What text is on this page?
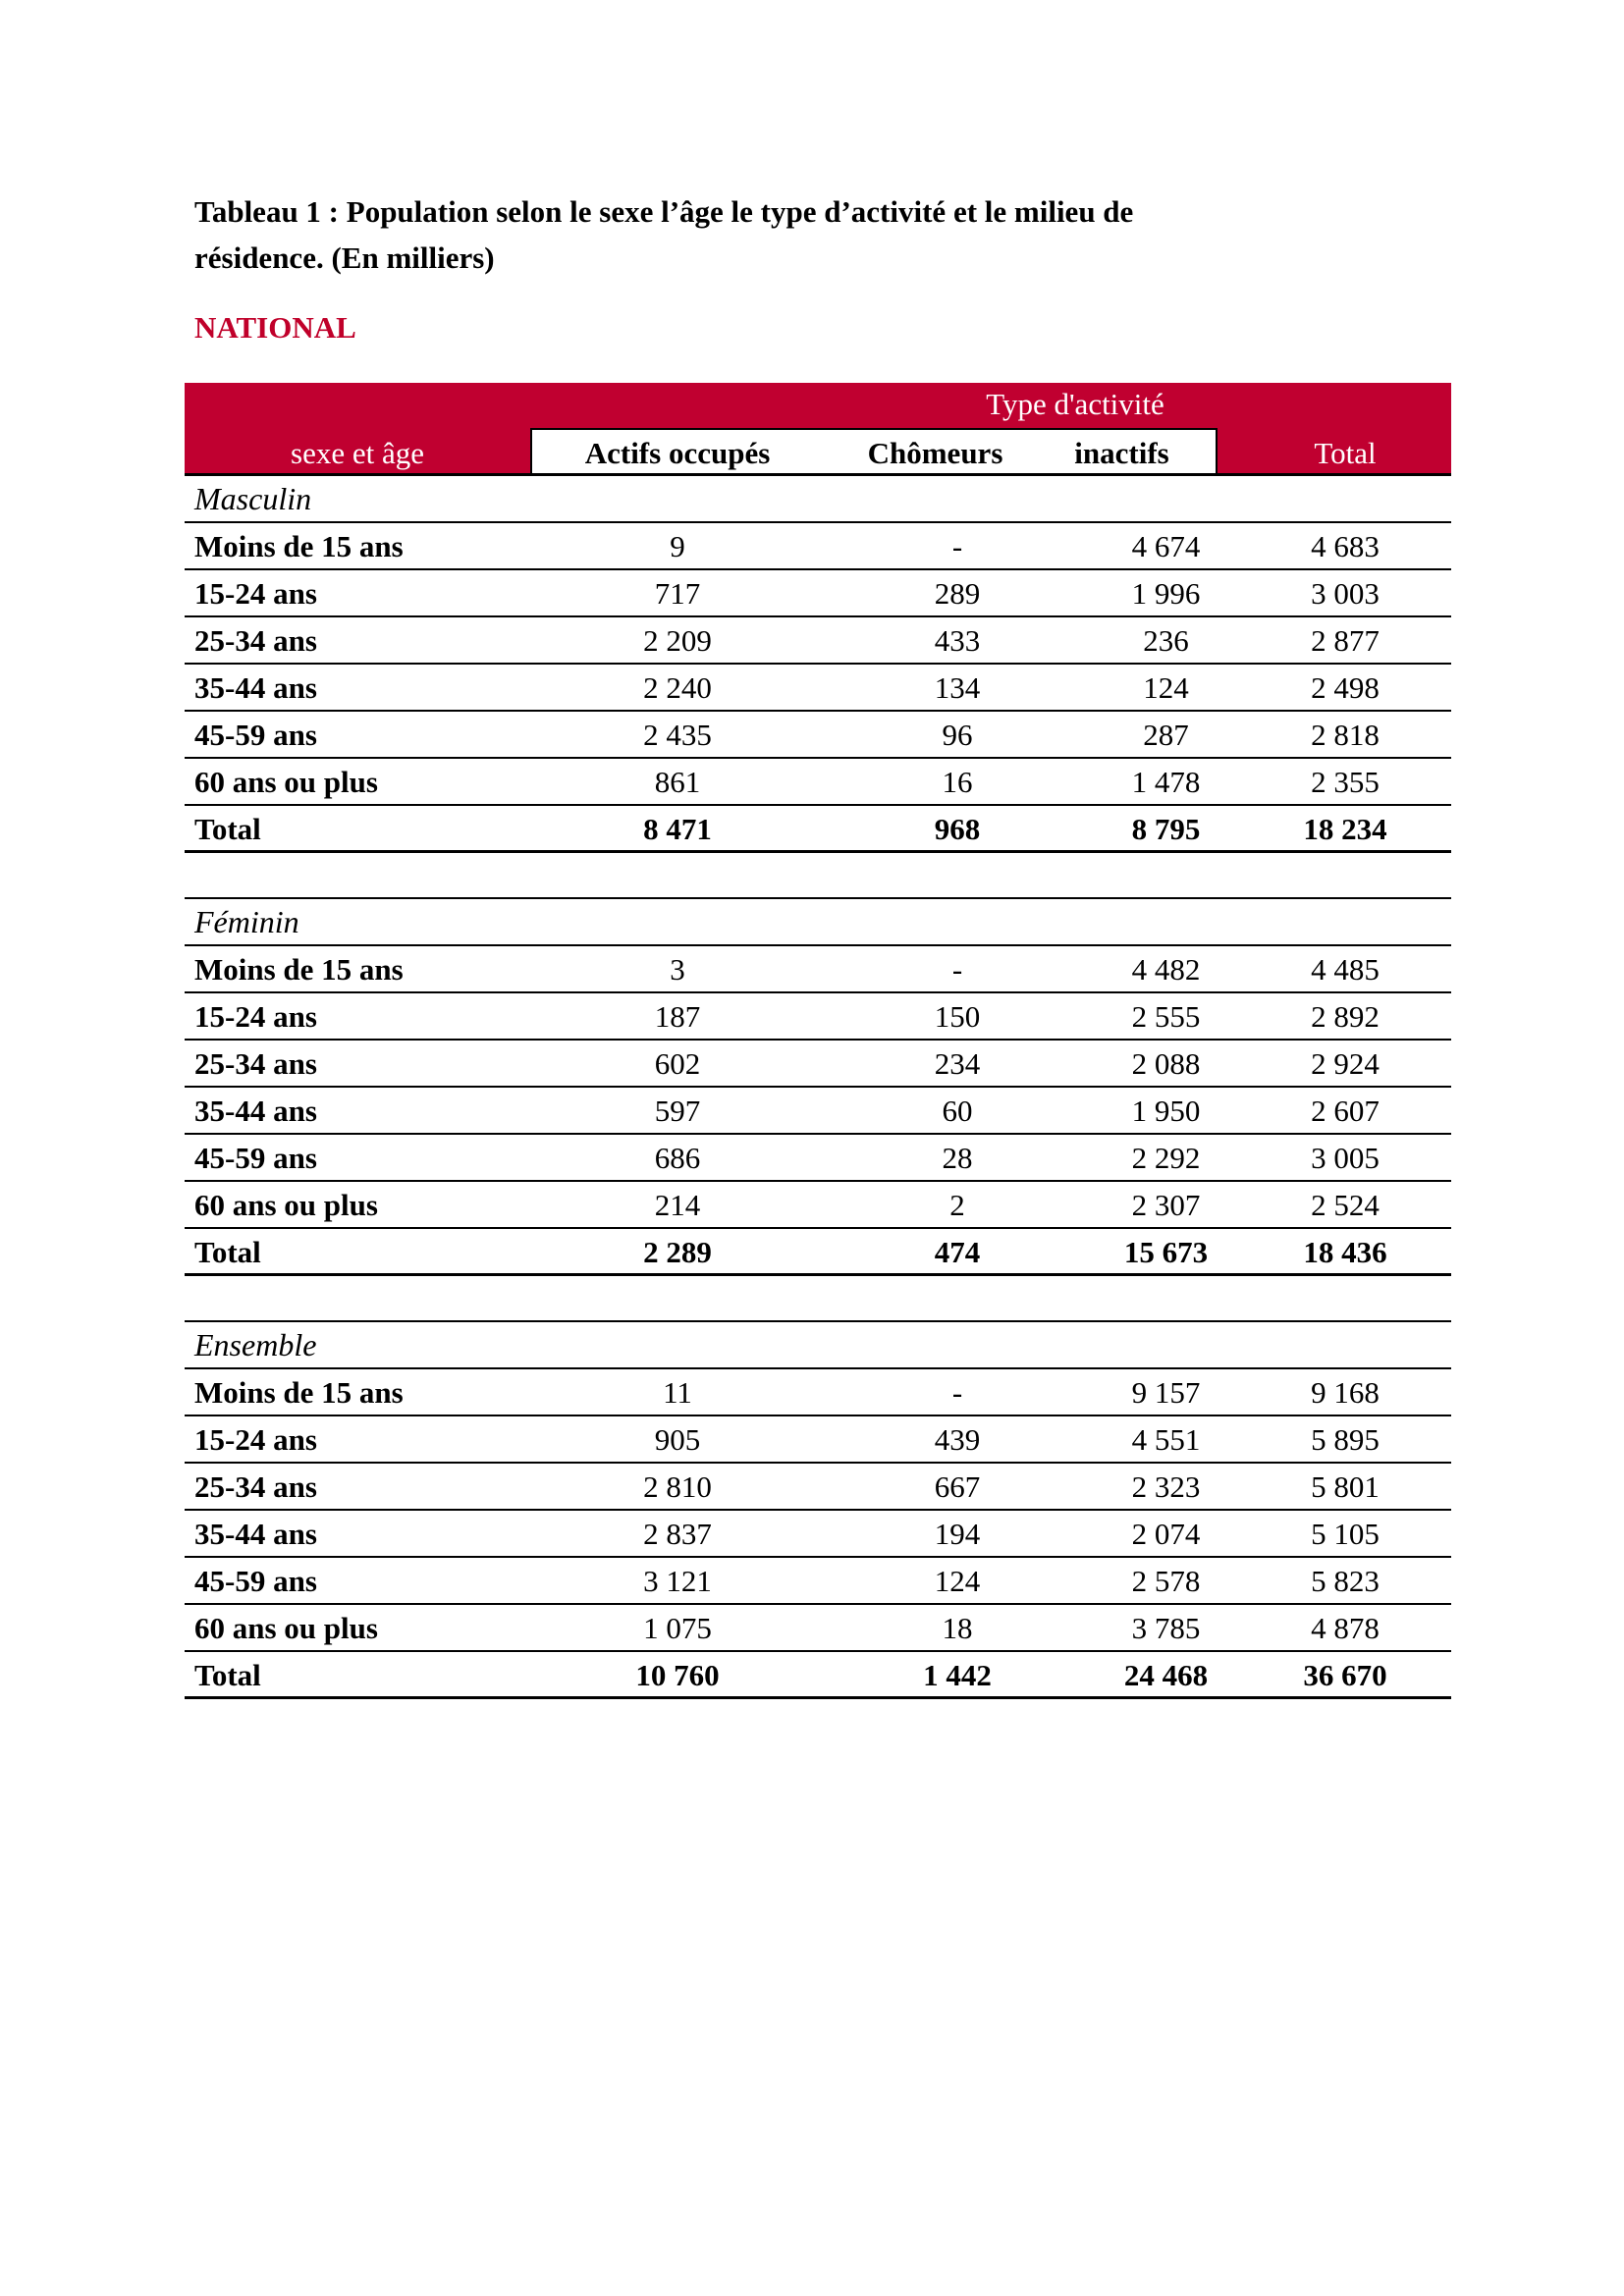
Tableau 1 : Population selon le sexe l’âge le type d’activité et le milieu de
résidence. (En milliers)

NATIONAL

Type d'activité
sexe et âge	Actifs occupés	Chômeurs	inactifs	Total
Masculin
Moins de 15 ans	9	-	4 674	4 683
15-24 ans	717	289	1 996	3 003
25-34 ans	2 209	433	236	2 877
35-44 ans	2 240	134	124	2 498
45-59 ans	2 435	96	287	2 818
60 ans ou plus	861	16	1 478	2 355
Total	8 471	968	8 795	18 234
Féminin
Moins de 15 ans	3	-	4 482	4 485
15-24 ans	187	150	2 555	2 892
25-34 ans	602	234	2 088	2 924
35-44 ans	597	60	1 950	2 607
45-59 ans	686	28	2 292	3 005
60 ans ou plus	214	2	2 307	2 524
Total	2 289	474	15 673	18 436
Ensemble
Moins de 15 ans	11	-	9 157	9 168
15-24 ans	905	439	4 551	5 895
25-34 ans	2 810	667	2 323	5 801
35-44 ans	2 837	194	2 074	5 105
45-59 ans	3 121	124	2 578	5 823
60 ans ou plus	1 075	18	3 785	4 878
Total	10 760	1 442	24 468	36 670
